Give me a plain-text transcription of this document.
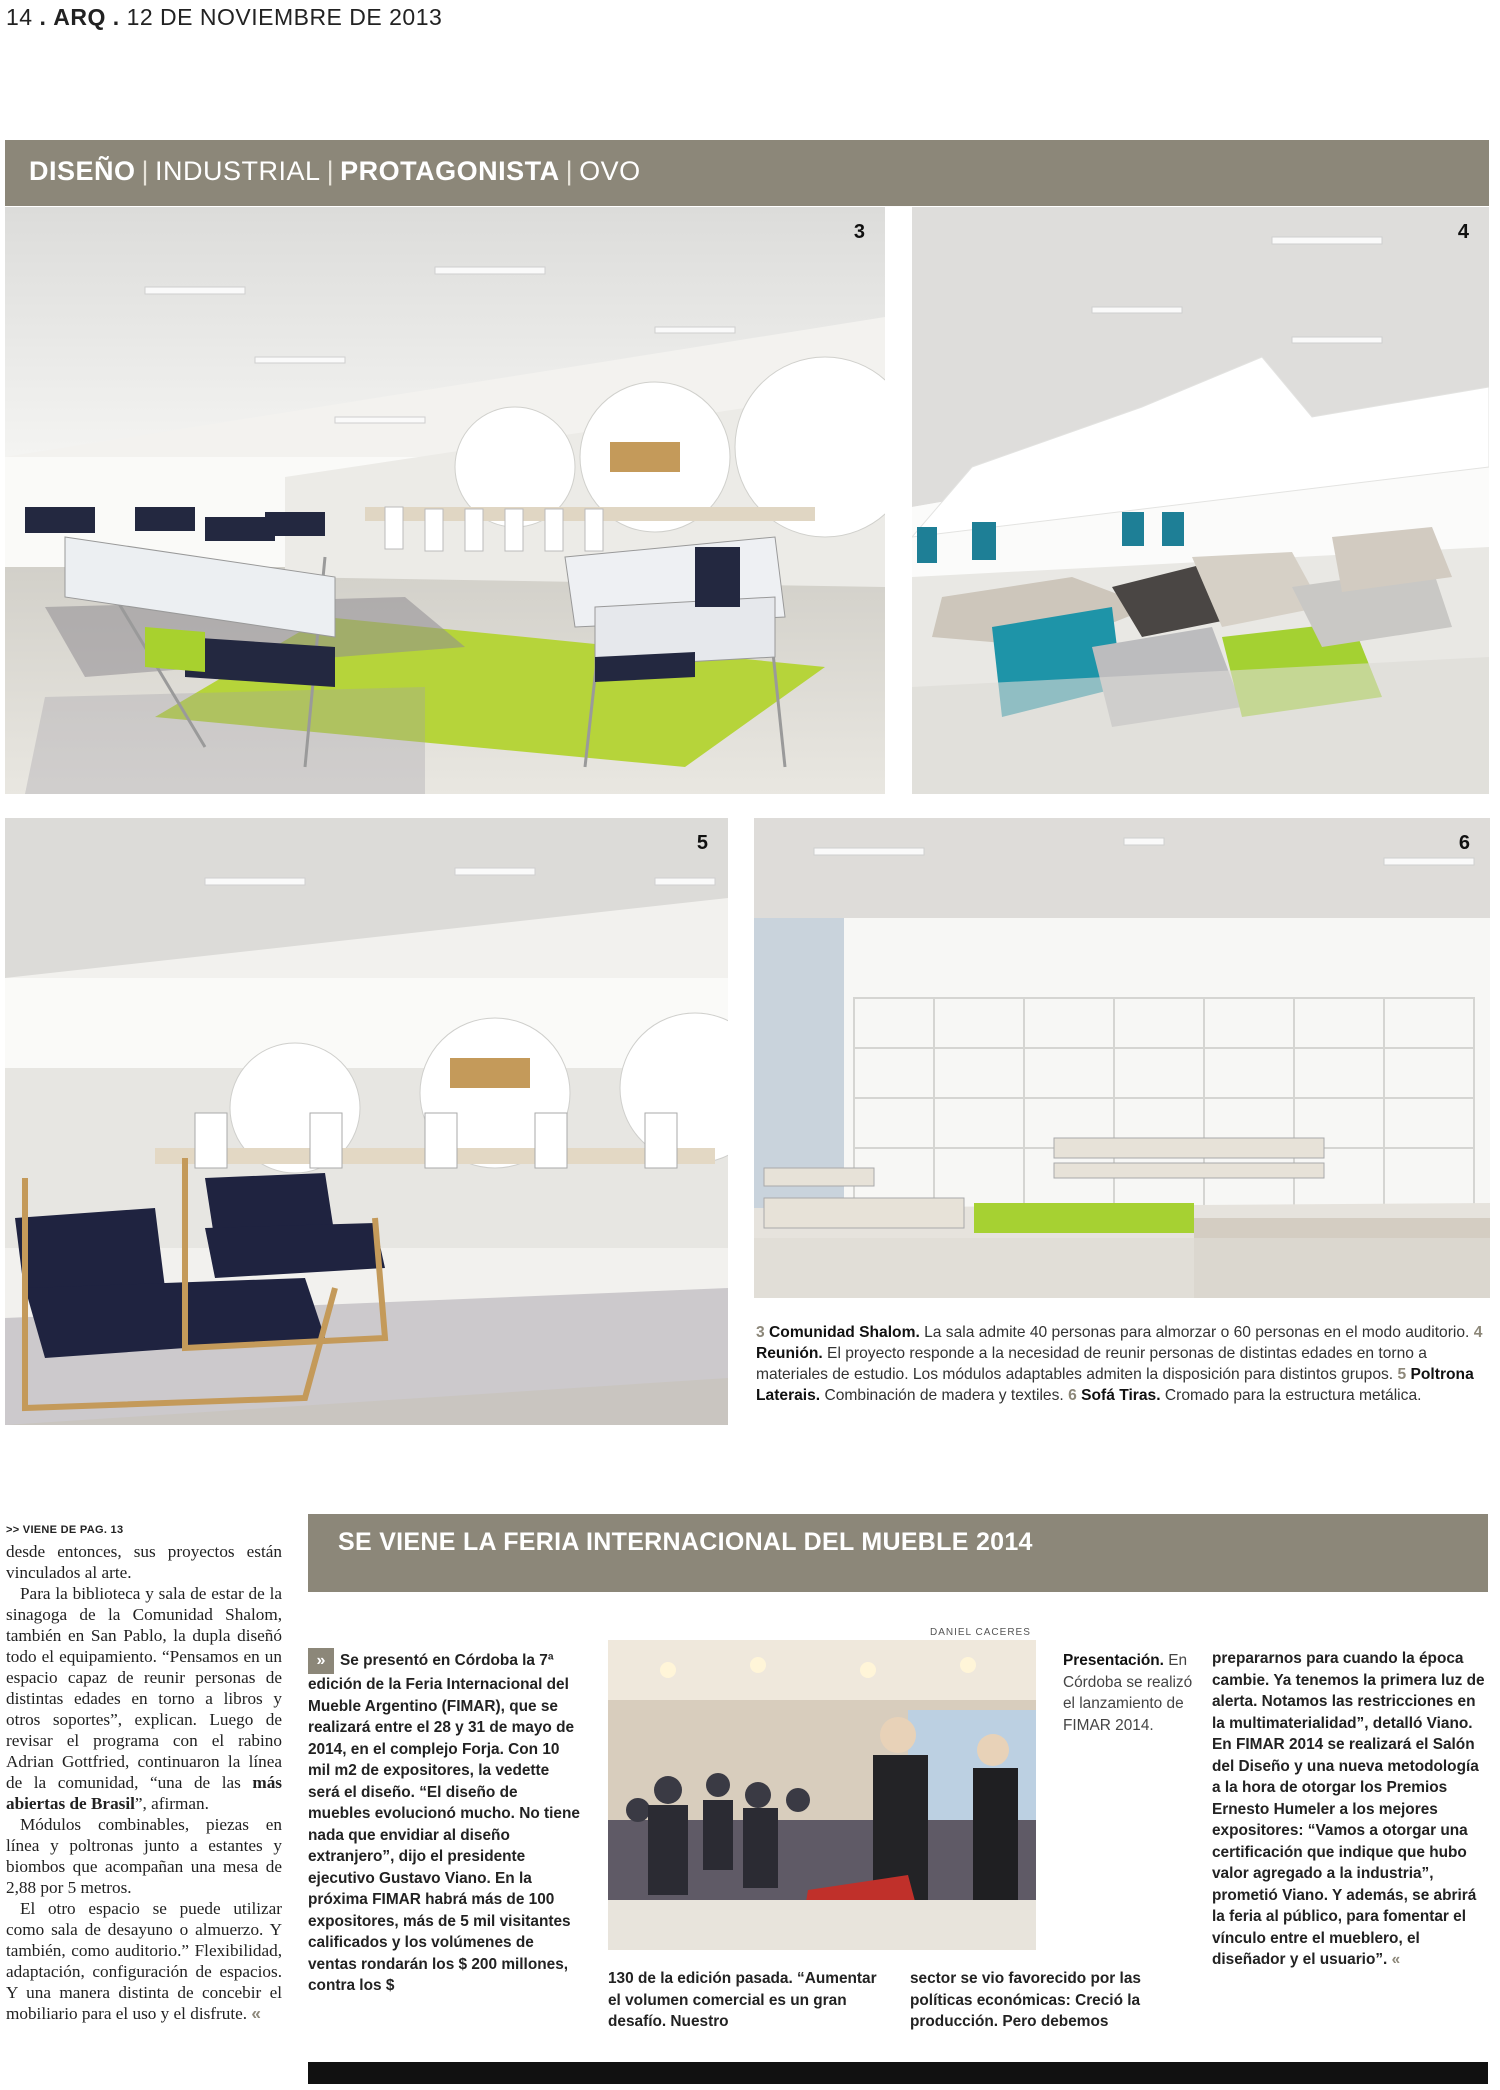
14 . ARQ . 12 DE NOVIEMBRE DE 2013
DISEÑO | INDUSTRIAL | PROTAGONISTA | OVO
3	4
5	6
3 Comunidad Shalom. La sala admite 40 personas para almorzar o 60 personas en el modo auditorio. 4 Reunión. El proyecto responde a la necesidad de reunir personas de distintas edades en torno a materiales de estudio. Los módulos adaptables admiten la disposición para distintos grupos. 5 Poltrona Laterais. Combinación de madera y textiles. 6 Sofá Tiras. Cromado para la estructura metálica.
>> VIENE DE PAG. 13

desde entonces, sus proyectos están vinculados al arte.

Para la biblioteca y sala de estar de la sinagoga de la Comunidad Shalom, también en San Pablo, la dupla diseñó todo el equipamiento. “Pensamos en un espacio capaz de reunir personas de distintas edades en torno a libros y otros soportes”, explican. Luego de revisar el programa con el rabino Adrian Gottfried, continuaron la línea de la comunidad, “una de las más abiertas de Brasil”, afirman.

Módulos combinables, piezas en línea y poltronas junto a estantes y biombos que acompañan una mesa de 2,88 por 5 metros.

El otro espacio se puede utilizar como sala de desayuno o almuerzo. Y también, como auditorio.” Flexibilidad, adaptación, configuración de espacios. Y una manera distinta de concebir el mobiliario para el uso y el disfrute. «

SE VIENE LA FERIA INTERNACIONAL DEL MUEBLE 2014
» Se presentó en Córdoba la 7ª edición de la Feria Internacional del Mueble Argentino (FIMAR), que se realizará entre el 28 y 31 de mayo de 2014, en el complejo Forja. Con 10 mil m2 de expositores, la vedette será el diseño. “El diseño de muebles evolucionó mucho. No tiene nada que envidiar al diseño extranjero”, dijo el presidente ejecutivo Gustavo Viano. En la próxima FIMAR habrá más de 100 expositores, más de 5 mil visitantes calificados y los volúmenes de ventas rondarán los $ 200 millones, contra los $
DANIEL CACERES
Presentación. En Córdoba se realizó el lanzamiento de FIMAR 2014.
130 de la edición pasada. “Aumentar el volumen comercial es un gran desafío. Nuestro
sector se vio favorecido por las políticas económicas: Creció la producción. Pero debemos
prepararnos para cuando la época cambie. Ya tenemos la primera luz de alerta. Notamos las restricciones en la multimaterialidad”, detalló Viano. En FIMAR 2014 se realizará el Salón del Diseño y una nueva metodología a la hora de otorgar los Premios Ernesto Humeler a los mejores expositores: “Vamos a otorgar una certificación que indique que hubo valor agregado a la industria”, prometió Viano. Y además, se abrirá la feria al público, para fomentar el vínculo entre el mueblero, el diseñador y el usuario”. «
